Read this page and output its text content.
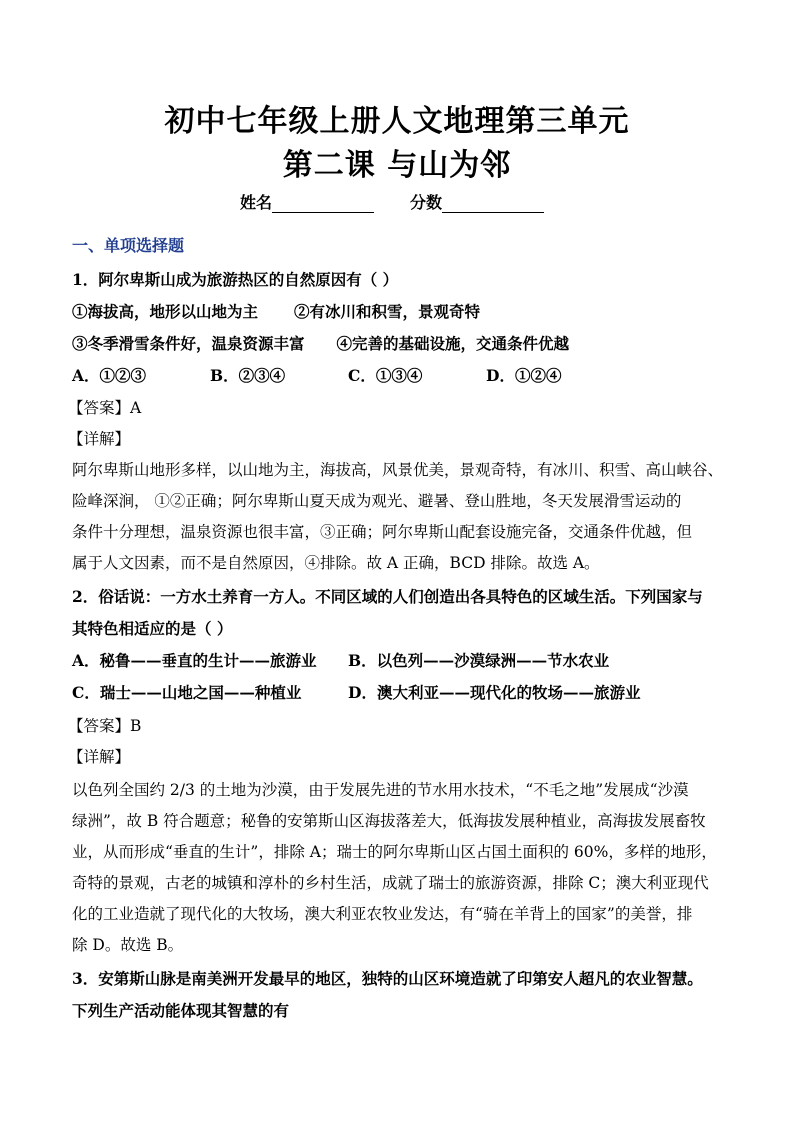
初中七年级上册人文地理第三单元
第二课 与山为邻
姓名	分数
一、单项选择题
1．阿尔卑斯山成为旅游热区的自然原因有（ ）
①海拔高，地形以山地为主 ②有冰川和积雪，景观奇特
③冬季滑雪条件好，温泉资源丰富 ④完善的基础设施，交通条件优越
A．①②③	B．②③④	C．①③④	D．①②④
【答案】A
【详解】
阿尔卑斯山地形多样，以山地为主，海拔高，风景优美，景观奇特，有冰川、积雪、高山峡谷、
险峰深涧， ①②正确；阿尔卑斯山夏天成为观光、避暑、登山胜地，冬天发展滑雪运动的
条件十分理想，温泉资源也很丰富，③正确；阿尔卑斯山配套设施完备，交通条件优越，但
属于人文因素，而不是自然原因，④排除。故 A 正确，BCD 排除。故选 A。
2．俗话说：一方水土养育一方人。不同区域的人们创造出各具特色的区域生活。下列国家与
其特色相适应的是（ ）
A．秘鲁——垂直的生计——旅游业	B．以色列——沙漠绿洲——节水农业
C．瑞士——山地之国——种植业	D．澳大利亚——现代化的牧场——旅游业
【答案】B
【详解】
以色列全国约 2/3 的土地为沙漠，由于发展先进的节水用水技术，“不毛之地”发展成“沙漠
绿洲”，故 B 符合题意；秘鲁的安第斯山区海拔落差大，低海拔发展种植业，高海拔发展畜牧
业，从而形成“垂直的生计”，排除 A；瑞士的阿尔卑斯山区占国土面积的 60%，多样的地形，
奇特的景观，古老的城镇和淳朴的乡村生活，成就了瑞士的旅游资源，排除 C；澳大利亚现代
化的工业造就了现代化的大牧场，澳大利亚农牧业发达，有“骑在羊背上的国家”的美誉，排
除 D。故选 B。
3．安第斯山脉是南美洲开发最早的地区，独特的山区环境造就了印第安人超凡的农业智慧。
下列生产活动能体现其智慧的有
